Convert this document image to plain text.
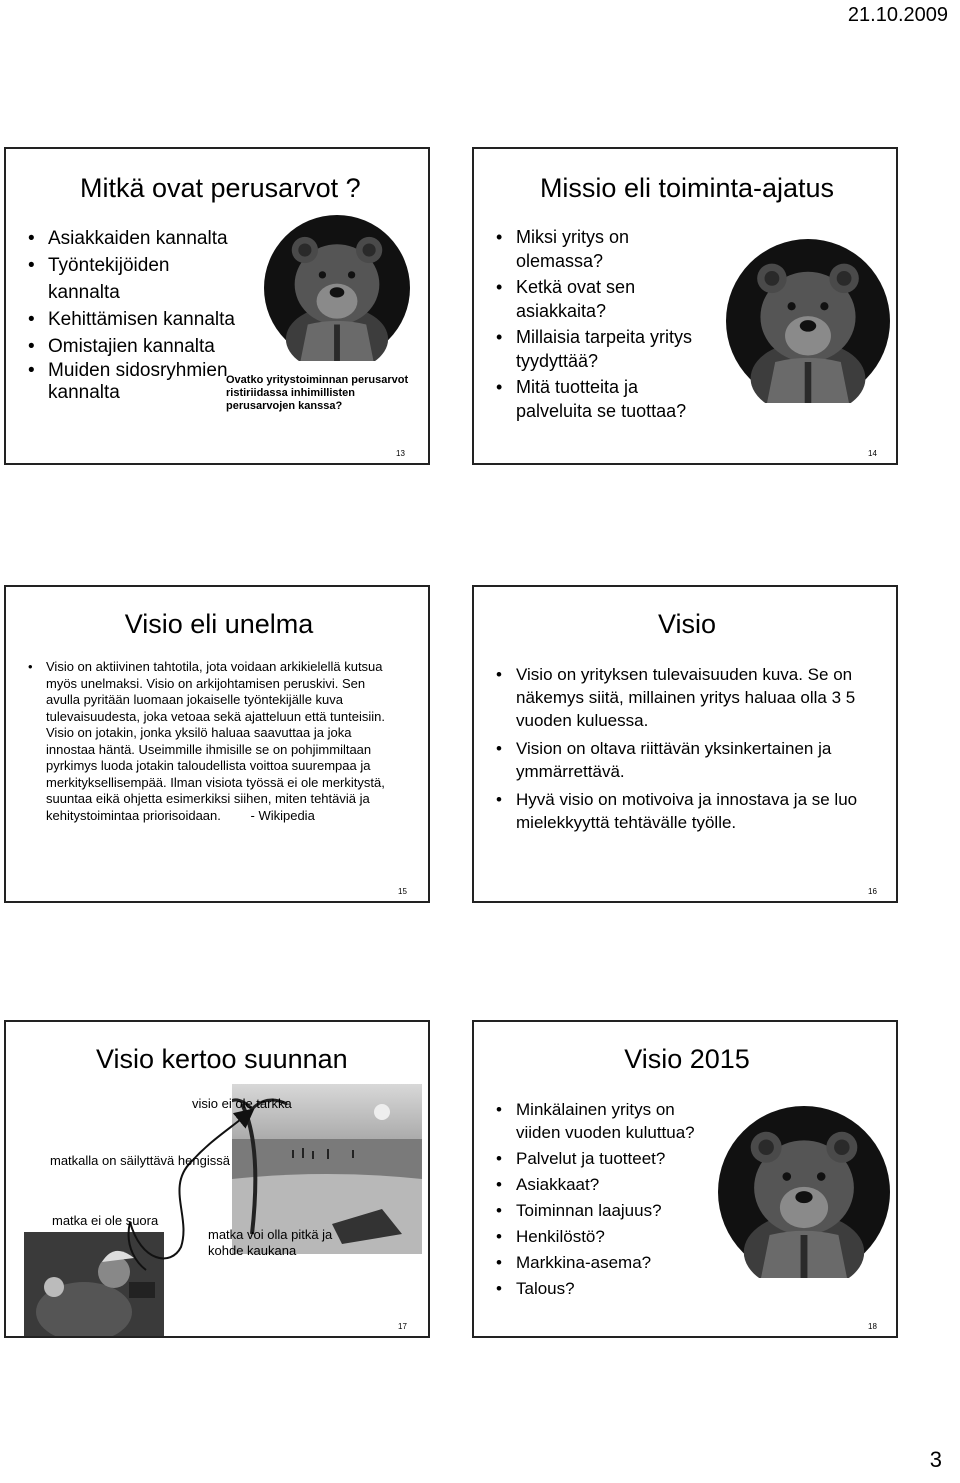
21.10.2009
Mitkä ovat perusarvot ?
• Asiakkaiden kannalta
• Työntekijöiden kannalta
• Kehittämisen kannalta
• Omistajien kannalta
• Muiden sidosryhmien kannalta
Ovatko yritystoiminnan perusarvot ristiriidassa inhimillisten perusarvojen kanssa?
13
Missio eli toiminta-ajatus
• Miksi yritys on olemassa?
• Ketkä ovat sen asiakkaita?
• Millaisia tarpeita yritys tyydyttää?
• Mitä tuotteita ja palveluita se tuottaa?
14
Visio eli unelma
•	Visio on aktiivinen tahtotila, jota voidaan arkikielellä kutsua myös unelmaksi. Visio on arkijohtamisen peruskivi. Sen avulla pyritään luomaan jokaiselle työntekijälle kuva tulevaisuudesta, joka vetoaa sekä ajatteluun että tunteisiin. Visio on jotakin, jonka yksilö haluaa saavuttaa ja joka innostaa häntä. Useimmille ihmisille se on pohjimmiltaan pyrkimys luoda jotakin taloudellista voittoa suurempaa ja merkityksellisempää. Ilman visiota työssä ei ole merkitystä, suuntaa eikä ohjetta esimerkiksi siihen, miten tehtäviä ja kehitystoimintaa priorisoidaan. - Wikipedia
15
Visio
• Visio on yrityksen tulevaisuuden kuva. Se on näkemys siitä, millainen yritys haluaa olla 3 5 vuoden kuluessa.
• Vision on oltava riittävän yksinkertainen ja ymmärrettävä.
• Hyvä visio on motivoiva ja innostava ja se luo mielekkyyttä tehtävälle työlle.
16
Visio kertoo suunnan
visio ei ole tarkka
matkalla on säilyttävä hengissä
matka ei ole suora
matka voi olla pitkä ja kohde kaukana
17
Visio 2015
• Minkälainen yritys on viiden vuoden kuluttua?
• Palvelut ja tuotteet?
• Asiakkaat?
• Toiminnan laajuus?
• Henkilöstö?
• Markkina-asema?
• Talous?
18
3
